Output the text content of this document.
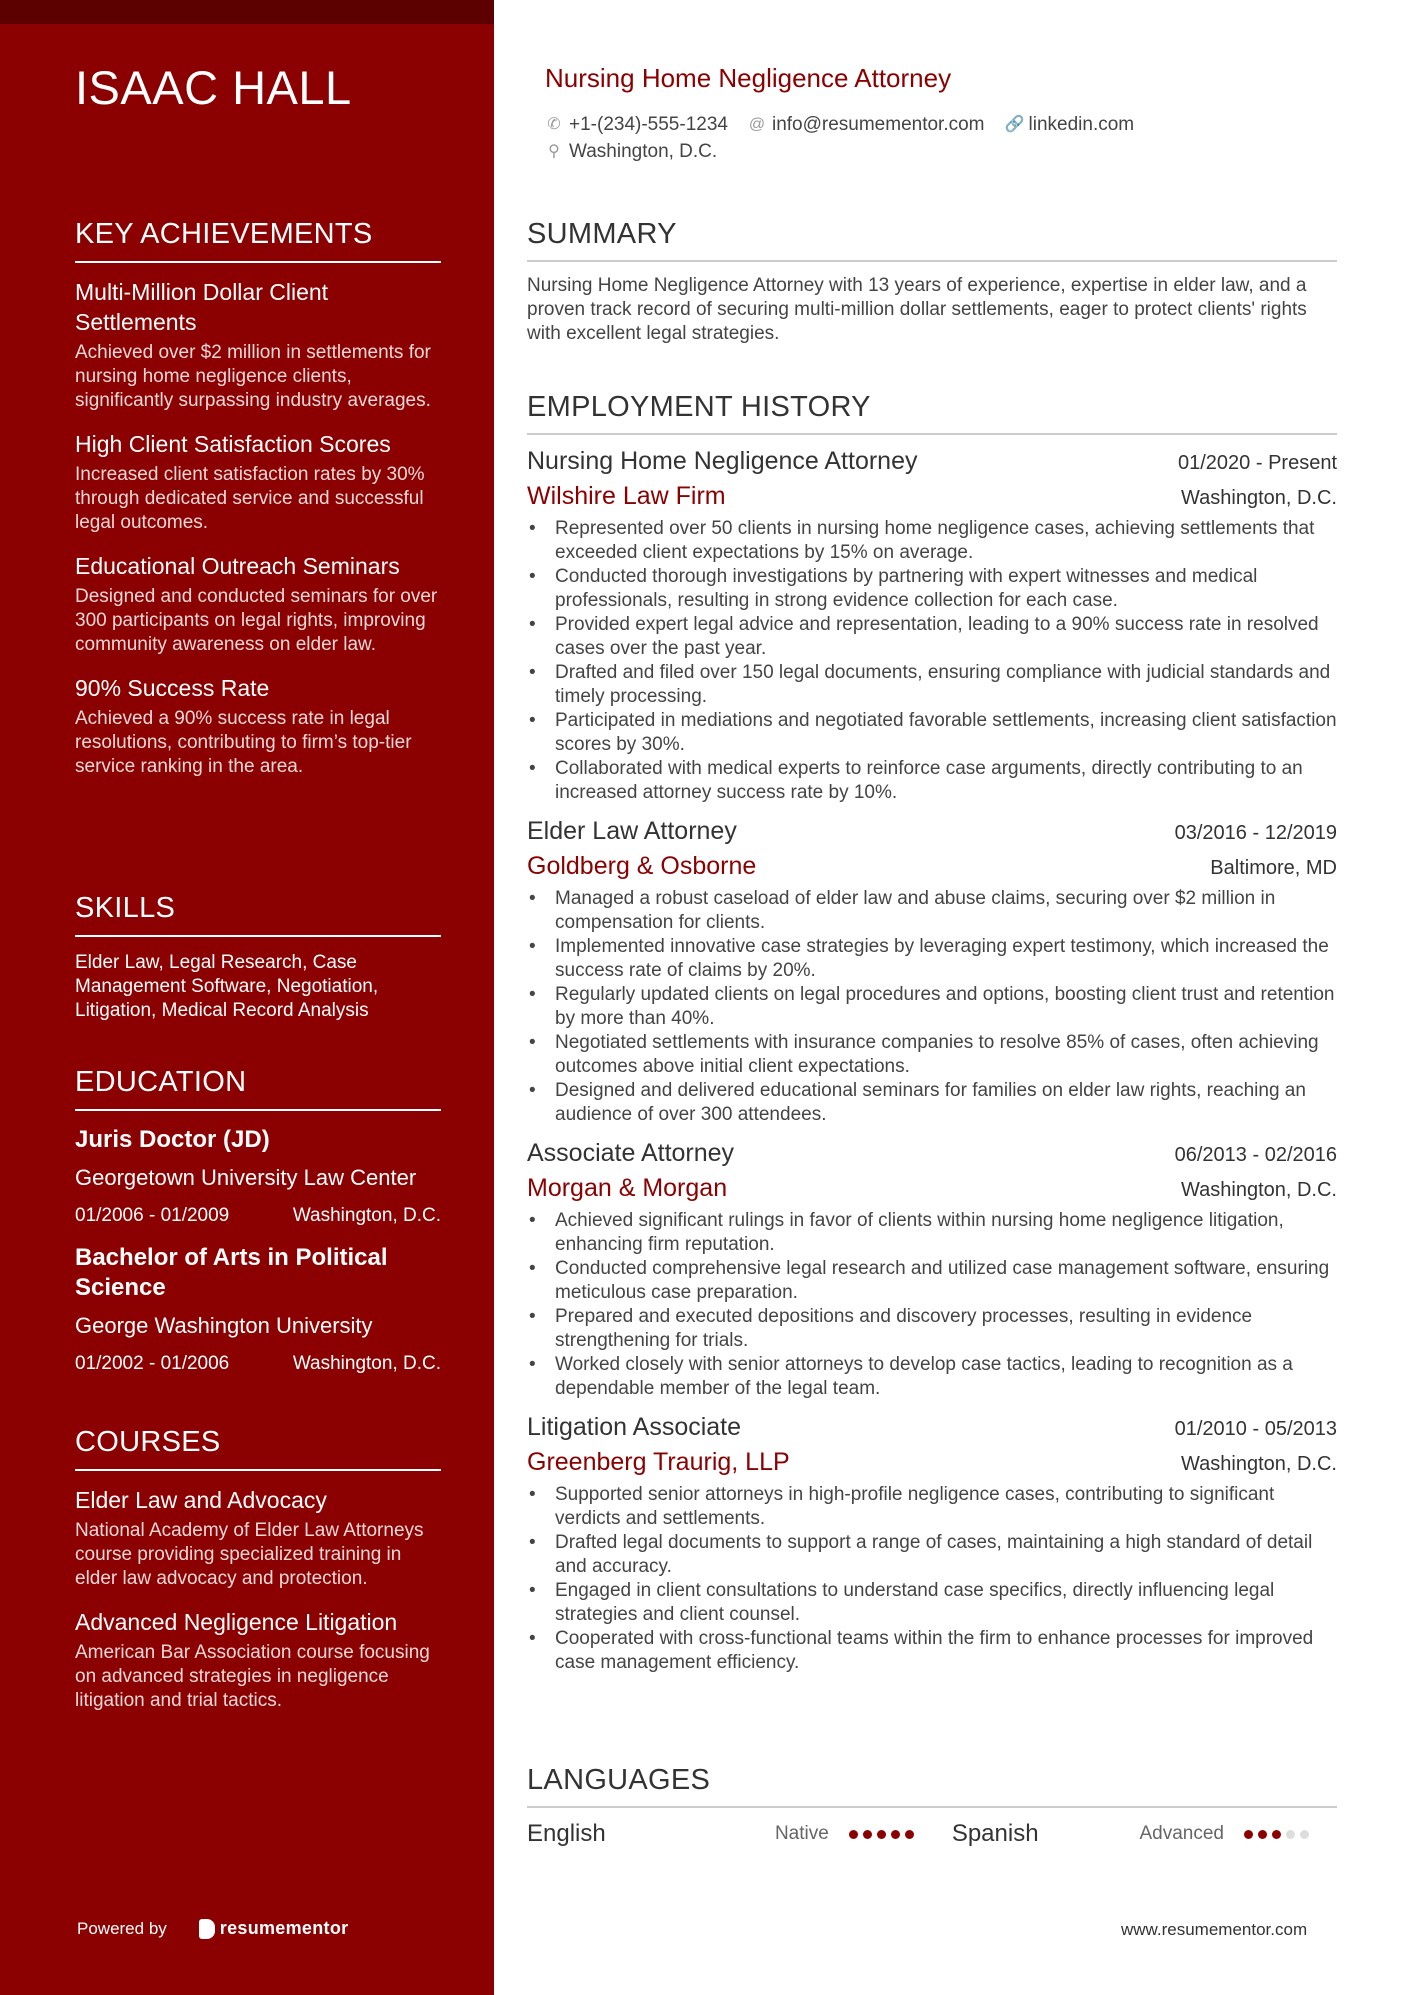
ISAAC HALL
KEY ACHIEVEMENTS
Multi-Million Dollar Client Settlements
Achieved over $2 million in settlements for nursing home negligence clients, significantly surpassing industry averages.
High Client Satisfaction Scores
Increased client satisfaction rates by 30% through dedicated service and successful legal outcomes.
Educational Outreach Seminars
Designed and conducted seminars for over 300 participants on legal rights, improving community awareness on elder law.
90% Success Rate
Achieved a 90% success rate in legal resolutions, contributing to firm’s top-tier service ranking in the area.
SKILLS
Elder Law, Legal Research, Case Management Software, Negotiation, Litigation, Medical Record Analysis
EDUCATION
Juris Doctor (JD)
Georgetown University Law Center
01/2006 - 01/2009	Washington, D.C.
Bachelor of Arts in Political Science
George Washington University
01/2002 - 01/2006	Washington, D.C.
COURSES
Elder Law and Advocacy
National Academy of Elder Law Attorneys course providing specialized training in elder law advocacy and protection.
Advanced Negligence Litigation
American Bar Association course focusing on advanced strategies in negligence litigation and trial tactics.
Powered by	resumementor
Nursing Home Negligence Attorney
✆ +1-(234)-555-1234 @ info@resumementor.com 🔗 linkedin.com
⚲ Washington, D.C.
SUMMARY
Nursing Home Negligence Attorney with 13 years of experience, expertise in elder law, and a proven track record of securing multi-million dollar settlements, eager to protect clients' rights with excellent legal strategies.
EMPLOYMENT HISTORY
Nursing Home Negligence Attorney	01/2020 - Present
Wilshire Law Firm	Washington, D.C.
• Represented over 50 clients in nursing home negligence cases, achieving settlements that exceeded client expectations by 15% on average.
• Conducted thorough investigations by partnering with expert witnesses and medical professionals, resulting in strong evidence collection for each case.
• Provided expert legal advice and representation, leading to a 90% success rate in resolved cases over the past year.
• Drafted and filed over 150 legal documents, ensuring compliance with judicial standards and timely processing.
• Participated in mediations and negotiated favorable settlements, increasing client satisfaction scores by 30%.
• Collaborated with medical experts to reinforce case arguments, directly contributing to an increased attorney success rate by 10%.
Elder Law Attorney	03/2016 - 12/2019
Goldberg & Osborne	Baltimore, MD
• Managed a robust caseload of elder law and abuse claims, securing over $2 million in compensation for clients.
• Implemented innovative case strategies by leveraging expert testimony, which increased the success rate of claims by 20%.
• Regularly updated clients on legal procedures and options, boosting client trust and retention by more than 40%.
• Negotiated settlements with insurance companies to resolve 85% of cases, often achieving outcomes above initial client expectations.
• Designed and delivered educational seminars for families on elder law rights, reaching an audience of over 300 attendees.
Associate Attorney	06/2013 - 02/2016
Morgan & Morgan	Washington, D.C.
• Achieved significant rulings in favor of clients within nursing home negligence litigation, enhancing firm reputation.
• Conducted comprehensive legal research and utilized case management software, ensuring meticulous case preparation.
• Prepared and executed depositions and discovery processes, resulting in evidence strengthening for trials.
• Worked closely with senior attorneys to develop case tactics, leading to recognition as a dependable member of the legal team.
Litigation Associate	01/2010 - 05/2013
Greenberg Traurig, LLP	Washington, D.C.
• Supported senior attorneys in high-profile negligence cases, contributing to significant verdicts and settlements.
• Drafted legal documents to support a range of cases, maintaining a high standard of detail and accuracy.
• Engaged in client consultations to understand case specifics, directly influencing legal strategies and client counsel.
• Cooperated with cross-functional teams within the firm to enhance processes for improved case management efficiency.
LANGUAGES
English	Native	Spanish	Advanced
www.resumementor.com
